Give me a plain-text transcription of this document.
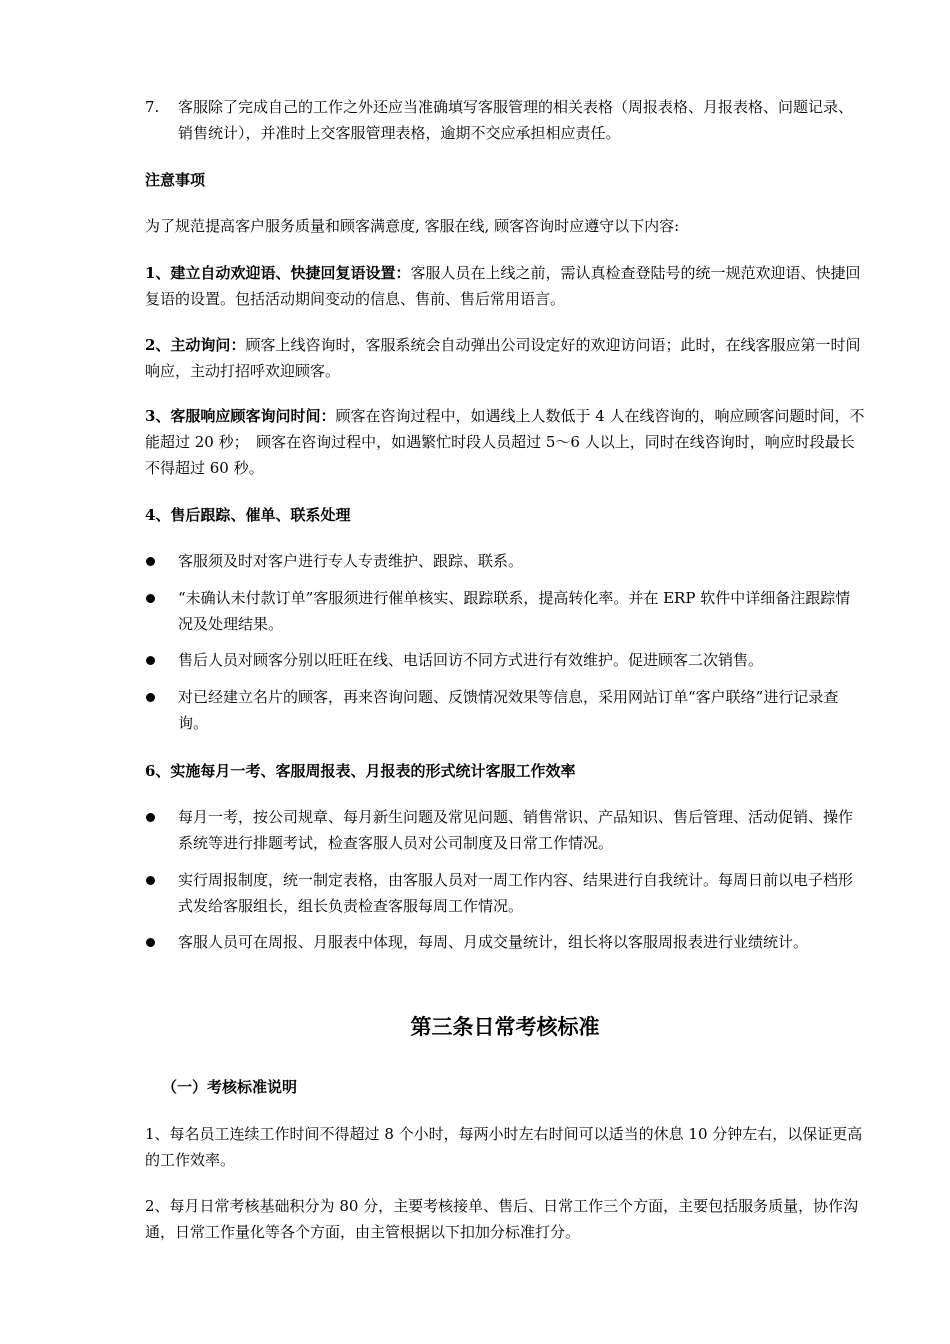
7. 客服除了完成自己的工作之外还应当准确填写客服管理的相关表格（周报表格、月报表格、问题记录、销售统计），并准时上交客服管理表格，逾期不交应承担相应责任。
注意事项
为了规范提高客户服务质量和顾客满意度, 客服在线, 顾客咨询时应遵守以下内容:
1、建立自动欢迎语、快捷回复语设置：客服人员在上线之前，需认真检查登陆号的统一规范欢迎语、快捷回复语的设置。包括活动期间变动的信息、售前、售后常用语言。
2、主动询问：顾客上线咨询时，客服系统会自动弹出公司设定好的欢迎访问语；此时，在线客服应第一时间响应，主动打招呼欢迎顾客。
3、客服响应顾客询问时间：顾客在咨询过程中，如遇线上人数低于 4 人在线咨询的，响应顾客问题时间，不能超过 20 秒；　顾客在咨询过程中，如遇繁忙时段人员超过 5～6 人以上，同时在线咨询时，响应时段最长不得超过 60 秒。
4、售后跟踪、催单、联系处理
客服须及时对客户进行专人专责维护、跟踪、联系。
“未确认未付款订单”客服须进行催单核实、跟踪联系，提高转化率。并在 ERP 软件中详细备注跟踪情况及处理结果。
售后人员对顾客分别以旺旺在线、电话回访不同方式进行有效维护。促进顾客二次销售。
对已经建立名片的顾客，再来咨询问题、反馈情况效果等信息，采用网站订单“客户联络”进行记录查询。
6、实施每月一考、客服周报表、月报表的形式统计客服工作效率
每月一考，按公司规章、每月新生问题及常见问题、销售常识、产品知识、售后管理、活动促销、操作系统等进行排题考试，检查客服人员对公司制度及日常工作情况。
实行周报制度，统一制定表格，由客服人员对一周工作内容、结果进行自我统计。每周日前以电子档形式发给客服组长，组长负责检查客服每周工作情况。
客服人员可在周报、月服表中体现，每周、月成交量统计，组长将以客服周报表进行业绩统计。
第三条日常考核标准
（一）考核标准说明
1、每名员工连续工作时间不得超过 8 个小时，每两小时左右时间可以适当的休息 10 分钟左右，以保证更高的工作效率。
2、每月日常考核基础积分为 80 分，主要考核接单、售后、日常工作三个方面，主要包括服务质量，协作沟通，日常工作量化等各个方面，由主管根据以下扣加分标准打分。
